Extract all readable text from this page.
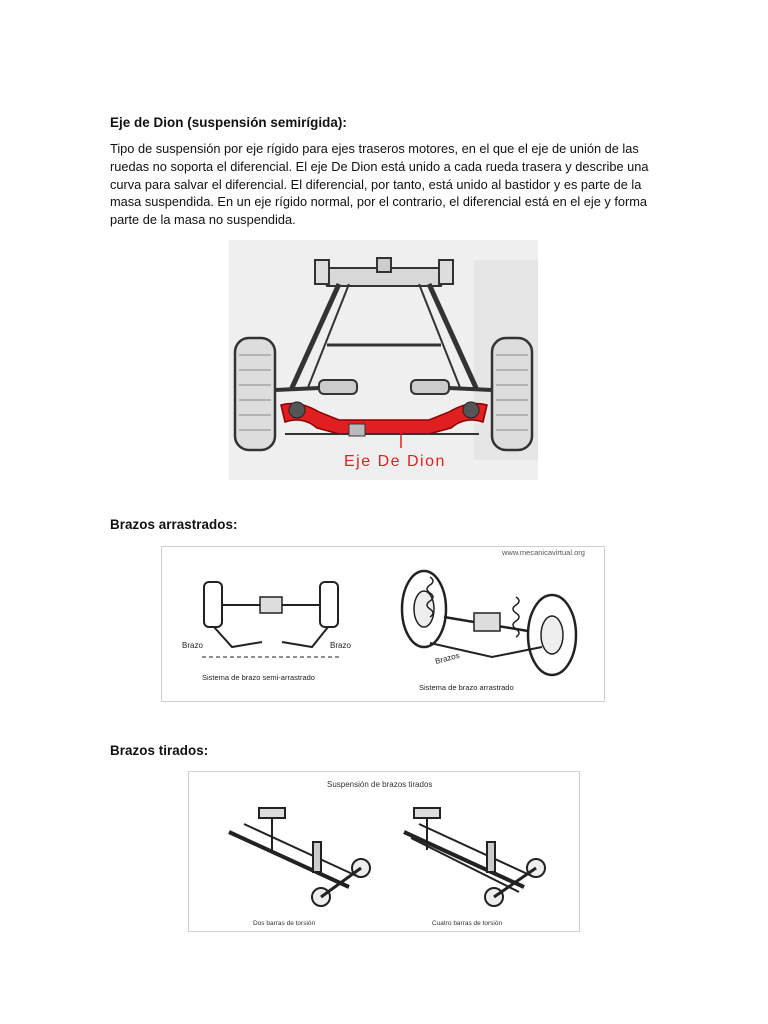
Eje de Dion (suspensión semirígida):

Tipo de suspensión por eje rígido para ejes traseros motores, en el que el eje de unión de las
ruedas no soporta el diferencial. El eje De Dion está unido a cada rueda trasera y describe una
curva para salvar el diferencial. El diferencial, por tanto, está unido al bastidor y es parte de la
masa suspendida. En un eje rígido normal, por el contrario, el diferencial está en el eje y forma
parte de la masa no suspendida.

Eje De Dion
Brazos arrastrados:
www.mecanicavirtual.org
Brazo	Brazo
Sistema de brazo semi-arrastrado
Brazos
Sistema de brazo arrastrado
Brazos tirados:
Suspensión de brazos tirados
Dos barras de torsión	Cuatro barras de torsión
